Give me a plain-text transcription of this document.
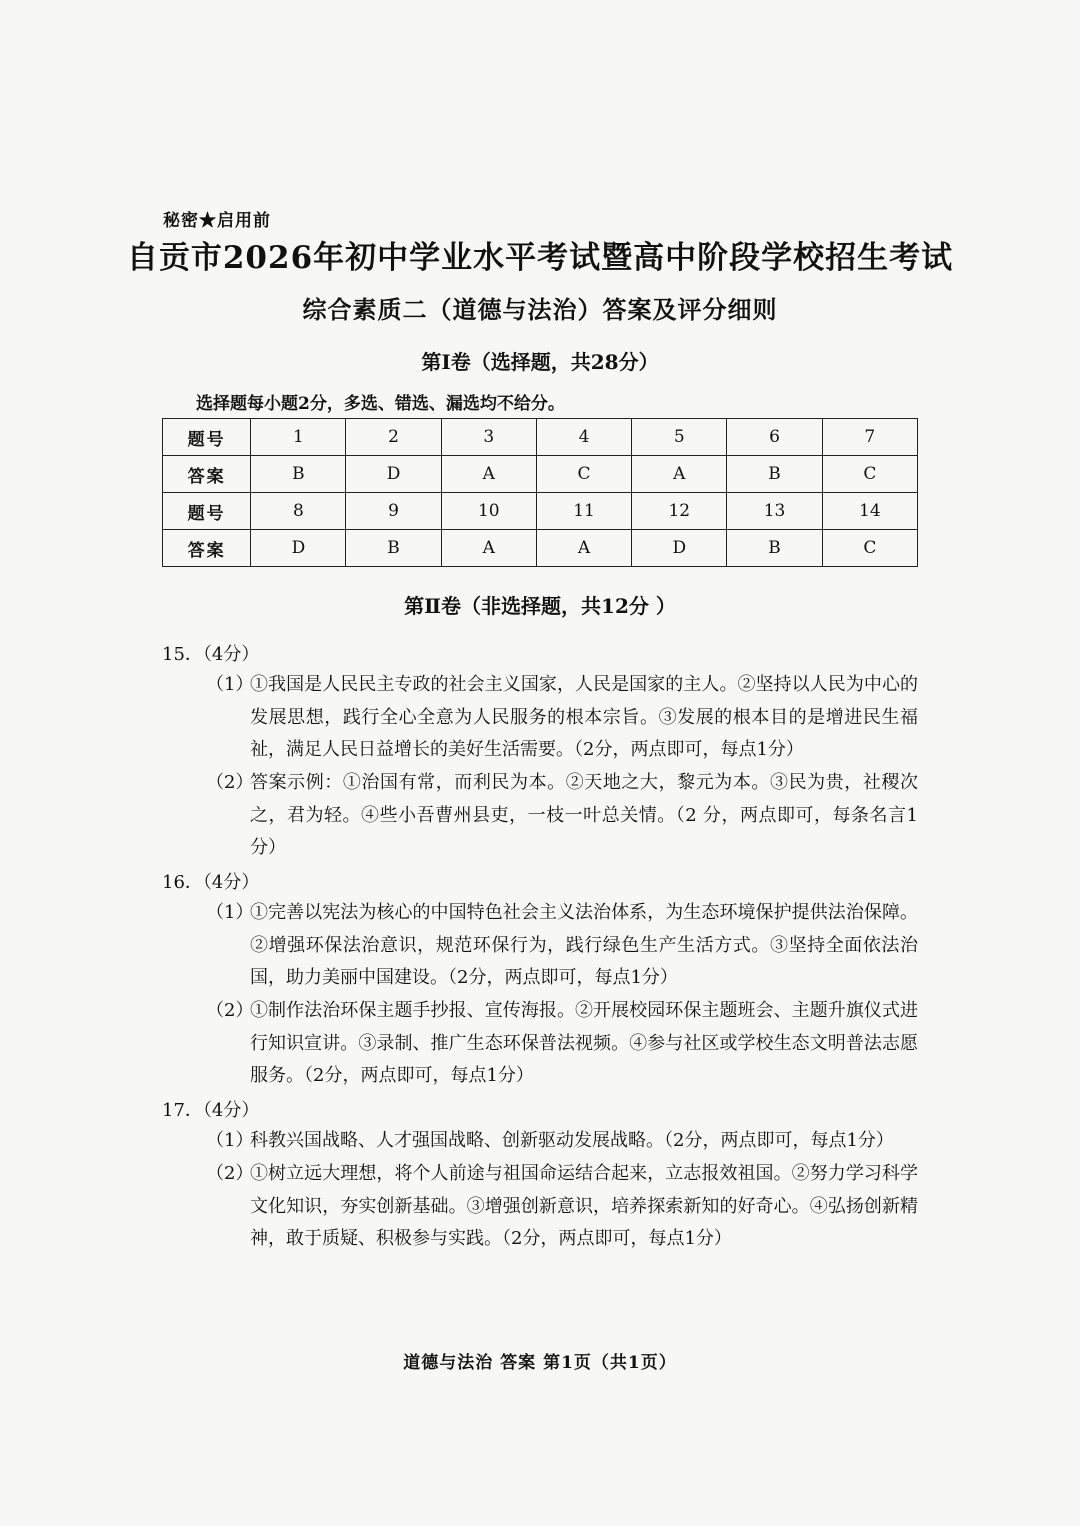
秘密★启用前
自贡市2026年初中学业水平考试暨高中阶段学校招生考试
综合素质二（道德与法治）答案及评分细则
第Ⅰ卷（选择题，共28分）
选择题每小题2分，多选、错选、漏选均不给分。
题号	1	2	3	4	5	6	7
答案	B	D	A	C	A	B	C
题号	8	9	10	11	12	13	14
答案	D	B	A	A	D	B	C
第Ⅱ卷（非选择题，共12分 ）
15．（4分）
（1）
①我国是人民民主专政的社会主义国家，人民是国家的主人。②坚持以人民为中心的发展思想，践行全心全意为人民服务的根本宗旨。③发展的根本目的是增进民生福祉，满足人民日益增长的美好生活需要。（2分，两点即可，每点1分）
（2）
答案示例：①治国有常，而利民为本。②天地之大，黎元为本。③民为贵，社稷次之，君为轻。④些小吾曹州县吏，一枝一叶总关情。（2 分，两点即可，每条名言1分）
16．（4分）
（1）
①完善以宪法为核心的中国特色社会主义法治体系，为生态环境保护提供法治保障。②增强环保法治意识，规范环保行为，践行绿色生产生活方式。③坚持全面依法治国，助力美丽中国建设。（2分，两点即可，每点1分）
（2）
①制作法治环保主题手抄报、宣传海报。②开展校园环保主题班会、主题升旗仪式进行知识宣讲。③录制、推广生态环保普法视频。④参与社区或学校生态文明普法志愿服务。（2分，两点即可，每点1分）
17．（4分）
（1）
科教兴国战略、人才强国战略、创新驱动发展战略。（2分，两点即可，每点1分）
（2）
①树立远大理想，将个人前途与祖国命运结合起来，立志报效祖国。②努力学习科学文化知识，夯实创新基础。③增强创新意识，培养探索新知的好奇心。④弘扬创新精神，敢于质疑、积极参与实践。（2分，两点即可，每点1分）
道德与法治 答案 第1页（共1页）
